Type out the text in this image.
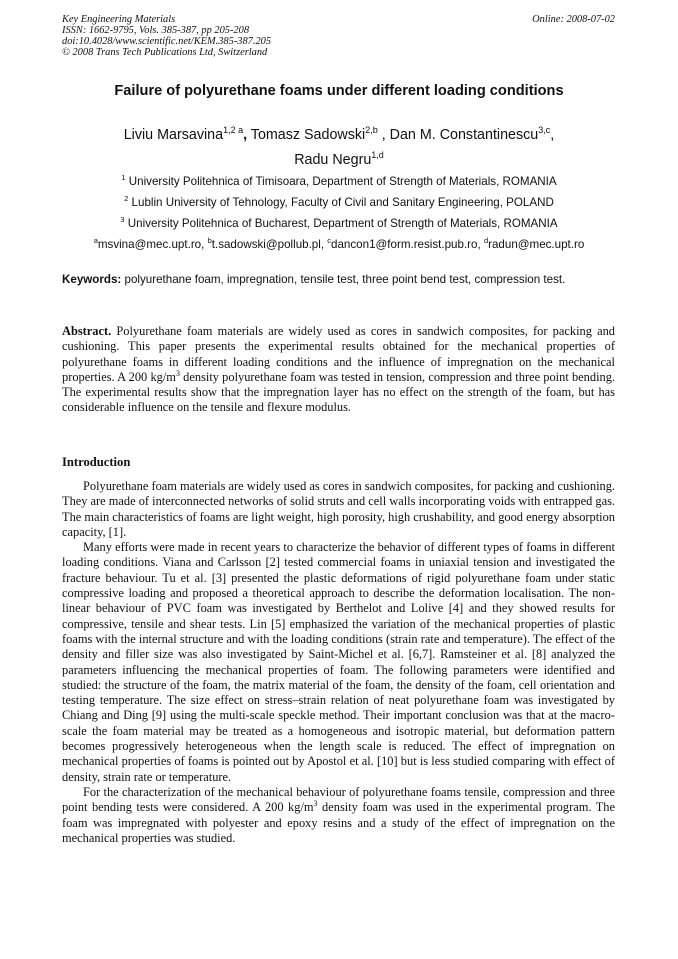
Key Engineering Materials	Online: 2008-07-02
ISSN: 1662-9795, Vols. 385-387, pp 205-208
doi:10.4028/www.scientific.net/KEM.385-387.205
© 2008 Trans Tech Publications Ltd, Switzerland
Failure of polyurethane foams under different loading conditions
Liviu Marsavina$^{1,2 a}$, Tomasz Sadowski$^{2,b}$ , Dan M. Constantinescu$^{3,c}$,
Radu Negru$^{1,d}$
$^1$ University Politehnica of Timisoara, Department of Strength of Materials, ROMANIA
$^2$ Lublin University of Tehnology, Faculty of Civil and Sanitary Engineering, POLAND
$^3$ University Politehnica of Bucharest, Department of Strength of Materials, ROMANIA
$^a$msvina@mec.upt.ro, $^b$t.sadowski@pollub.pl, $^c$dancon1@form.resist.pub.ro, $^d$radun@mec.upt.ro
Keywords: polyurethane foam, impregnation, tensile test, three point bend test, compression test.

Abstract. Polyurethane foam materials are widely used as cores in sandwich composites, for packing and cushioning. This paper presents the experimental results obtained for the mechanical properties of polyurethane foams in different loading conditions and the influence of impregnation on the mechanical properties. A 200 $kg/m^3$ density polyurethane foam was tested in tension, compression and three point bending. The experimental results show that the impregnation layer has no effect on the strength of the foam, but has considerable influence on the tensile and flexure modulus.

Introduction

Polyurethane foam materials are widely used as cores in sandwich composites, for packing and cushioning. They are made of interconnected networks of solid struts and cell walls incorporating voids with entrapped gas. The main characteristics of foams are light weight, high porosity, high crushability, and good energy absorption capacity, [1].

Many efforts were made in recent years to characterize the behavior of different types of foams in different loading conditions. Viana and Carlsson [2] tested commercial foams in uniaxial tension and investigated the fracture behaviour. Tu et al. [3] presented the plastic deformations of rigid polyurethane foam under static compressive loading and proposed a theoretical approach to describe the deformation localisation. The non-linear behaviour of PVC foam was investigated by Berthelot and Lolive [4] and they showed results for compressive, tensile and shear tests. Lin [5] emphasized the variation of the mechanical properties of plastic foams with the internal structure and with the loading conditions (strain rate and temperature). The effect of the density and filler size was also investigated by Saint-Michel et al. [6,7]. Ramsteiner et al. [8] analyzed the parameters influencing the mechanical properties of foam. The following parameters were identified and studied: the structure of the foam, the matrix material of the foam, the density of the foam, cell orientation and testing temperature. The size effect on stress–strain relation of neat polyurethane foam was investigated by Chiang and Ding [9] using the multi-scale speckle method. Their important conclusion was that at the macro-scale the foam material may be treated as a homogeneous and isotropic material, but deformation pattern becomes progressively heterogeneous when the length scale is reduced. The effect of impregnation on mechanical properties of foams is pointed out by Apostol et al. [10] but is less studied comparing with effect of density, strain rate or temperature.

For the characterization of the mechanical behaviour of polyurethane foams tensile, compression and three point bending tests were considered. A 200 $kg/m^3$ density foam was used in the experimental program. The foam was impregnated with polyester and epoxy resins and a study of the effect of impregnation on the mechanical properties was studied.
